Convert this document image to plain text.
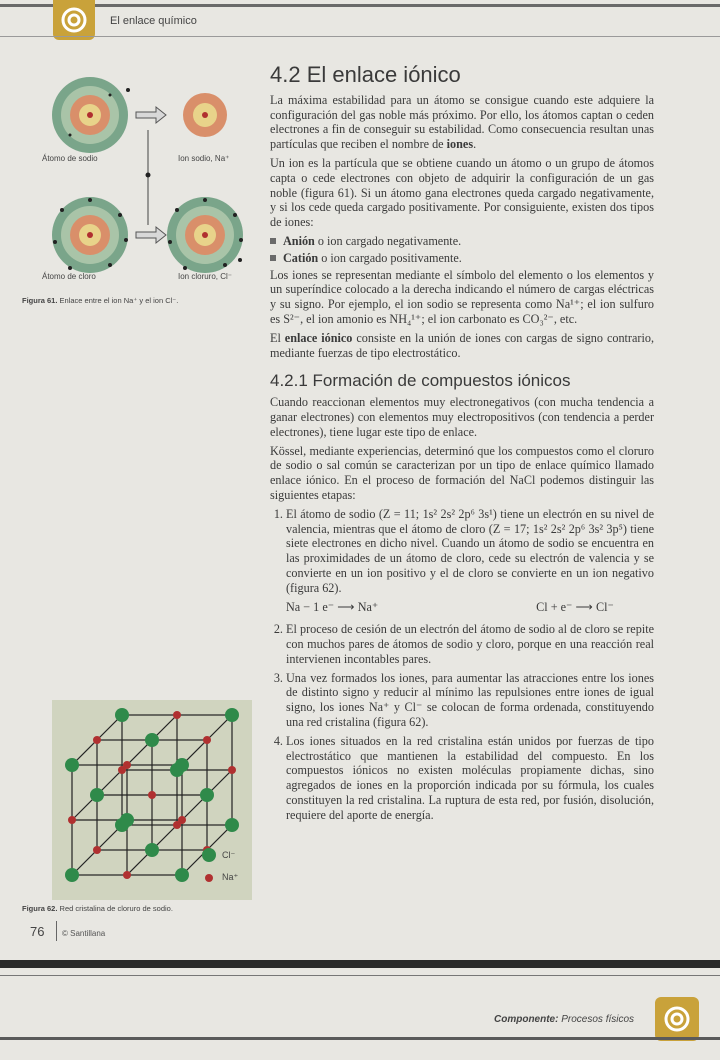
El enlace químico
Átomo de sodio	Ion sodio, Na⁺
Átomo de cloro	Ion cloruro, Cl⁻
Figura 61. Enlace entre el ion Na⁺ y el ion Cl⁻.
Cl⁻
Na⁺
Figura 62. Red cristalina de cloruro de sodio.
4.2 El enlace iónico

La máxima estabilidad para un átomo se consigue cuando este adquiere la configuración del gas noble más próximo. Por ello, los átomos captan o ceden electrones a fin de conseguir su estabilidad. Como consecuencia resultan unas partículas que reciben el nombre de iones.

Un ion es la partícula que se obtiene cuando un átomo o un grupo de átomos capta o cede electrones con objeto de adquirir la configuración de un gas noble (figura 61). Si un átomo gana electrones queda cargado negativamente, y si los cede queda cargado positivamente. Por consiguiente, existen dos tipos de iones:

Anión o ion cargado negativamente.
Catión o ion cargado positivamente.

Los iones se representan mediante el símbolo del elemento o los elementos y un superíndice colocado a la derecha indicando el número de cargas eléctricas y su signo. Por ejemplo, el ion sodio se representa como Na¹⁺; el ion sulfuro es S²⁻, el ion amonio es NH₄¹⁺; el ion carbonato es CO₃²⁻, etc.

El enlace iónico consiste en la unión de iones con cargas de signo contrario, mediante fuerzas de tipo electrostático.

4.2.1 Formación de compuestos iónicos

Cuando reaccionan elementos muy electronegativos (con mucha tendencia a ganar electrones) con elementos muy electropositivos (con tendencia a perder electrones), tiene lugar este tipo de enlace.

Kössel, mediante experiencias, determinó que los compuestos como el cloruro de sodio o sal común se caracterizan por un tipo de enlace químico llamado enlace iónico. En el proceso de formación del NaCl podemos distinguir las siguientes etapas:

1. El átomo de sodio (Z = 11; 1s² 2s² 2p⁶ 3s¹) tiene un electrón en su nivel de valencia, mientras que el átomo de cloro (Z = 17; 1s² 2s² 2p⁶ 3s² 3p⁵) tiene siete electrones en dicho nivel. Cuando un átomo de sodio se encuentra en las proximidades de un átomo de cloro, cede su electrón de valencia y se convierte en un ion positivo y el de cloro se convierte en un ion negativo (figura 62).
Na − 1 e⁻ ⟶ Na⁺	Cl + e⁻ ⟶ Cl⁻
2. El proceso de cesión de un electrón del átomo de sodio al de cloro se repite con muchos pares de átomos de sodio y cloro, porque en una reacción real intervienen incontables pares.
3. Una vez formados los iones, para aumentar las atracciones entre los iones de distinto signo y reducir al mínimo las repulsiones entre iones de igual signo, los iones Na⁺ y Cl⁻ se colocan de forma ordenada, constituyendo una red cristalina (figura 62).
4. Los iones situados en la red cristalina están unidos por fuerzas de tipo electrostático que mantienen la estabilidad del compuesto. En los compuestos iónicos no existen moléculas propiamente dichas, sino agregados de iones en la proporción indicada por su fórmula, los cuales constituyen la red cristalina. La ruptura de esta red, por fusión, disolución, requiere del aporte de energía.
76 © Santillana
Componente: Procesos físicos
